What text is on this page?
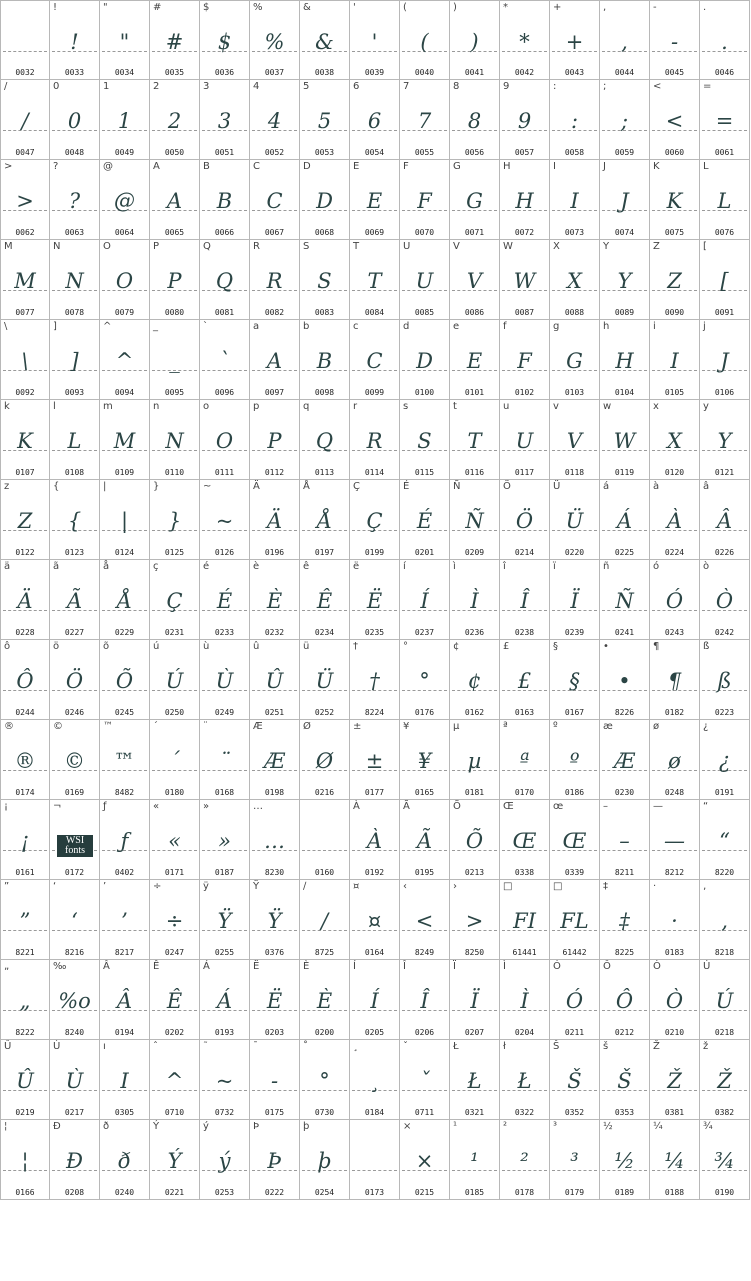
0032
!
!
0033
"
"
0034
#
#
0035
$
$
0036
%
%
0037
&
&
0038
'
'
0039
(
(
0040
)
)
0041
*
*
0042
+
+
0043
,
,
0044
-
-
0045
.
.
0046
/
/
0047
0
0
0048
1
1
0049
2
2
0050
3
3
0051
4
4
0052
5
5
0053
6
6
0054
7
7
0055
8
8
0056
9
9
0057
:
:
0058
;
;
0059
<
<
0060
=
=
0061
>
>
0062
?
?
0063
@
@
0064
A
A
0065
B
B
0066
C
C
0067
D
D
0068
E
E
0069
F
F
0070
G
G
0071
H
H
0072
I
I
0073
J
J
0074
K
K
0075
L
L
0076
M
M
0077
N
N
0078
O
O
0079
P
P
0080
Q
Q
0081
R
R
0082
S
S
0083
T
T
0084
U
U
0085
V
V
0086
W
W
0087
X
X
0088
Y
Y
0089
Z
Z
0090
[
[
0091
\
\
0092
]
]
0093
^
^
0094
_
_
0095
`
`
0096
a
A
0097
b
B
0098
c
C
0099
d
D
0100
e
E
0101
f
F
0102
g
G
0103
h
H
0104
i
I
0105
j
J
0106
k
K
0107
l
L
0108
m
M
0109
n
N
0110
o
O
0111
p
P
0112
q
Q
0113
r
R
0114
s
S
0115
t
T
0116
u
U
0117
v
V
0118
w
W
0119
x
X
0120
y
Y
0121
z
Z
0122
{
{
0123
|
|
0124
}
}
0125
~
~
0126
Ä
Ä
0196
Å
Å
0197
Ç
Ç
0199
É
É
0201
Ñ
Ñ
0209
Ö
Ö
0214
Ü
Ü
0220
á
Á
0225
à
À
0224
â
Â
0226
ä
Ä
0228
ã
Ã
0227
å
Å
0229
ç
Ç
0231
é
É
0233
è
È
0232
ê
Ê
0234
ë
Ë
0235
í
Í
0237
ì
Ì
0236
î
Î
0238
ï
Ï
0239
ñ
Ñ
0241
ó
Ó
0243
ò
Ò
0242
ô
Ô
0244
ö
Ö
0246
õ
Õ
0245
ú
Ú
0250
ù
Ù
0249
û
Û
0251
ü
Ü
0252
†
†
8224
°
°
0176
¢
¢
0162
£
£
0163
§
§
0167
•
•
8226
¶
¶
0182
ß
ß
0223
®
®
0174
©
©
0169
™
™
8482
´
´
0180
¨
¨
0168
Æ
Æ
0198
Ø
Ø
0216
±
±
0177
¥
¥
0165
µ
µ
0181
ª
ª
0170
º
º
0186
æ
Æ
0230
ø
ø
0248
¿
¿
0191
¡
¡
0161
¬
WSI fonts
0172
ƒ
ƒ
0402
«
«
0171
»
»
0187
…
…
8230	0160
À
À
0192
Ã
Ã
0195
Õ
Õ
0213
Œ
Œ
0338
œ
Œ
0339
–
–
8211
—
—
8212
“
“
8220
”
”
8221
‘
‘
8216
’
’
8217
÷
÷
0247
ÿ
Ÿ
0255
Ÿ
Ÿ
0376
∕
/
8725
¤
¤
0164
‹
<
8249
›
>
8250
□
FI
61441
□
FL
61442
‡
‡
8225
·
·
0183
‚
‚
8218
„
„
8222
‰
%o
8240
Â
Â
0194
Ê
Ê
0202
Á
Á
0193
Ë
Ë
0203
È
È
0200
Í
Í
0205
Î
Î
0206
Ï
Ï
0207
Ì
Ì
0204
Ó
Ó
0211
Ô
Ô
0212
Ò
Ò
0210
Ú
Ú
0218
Û
Û
0219
Ù
Ù
0217
ı
I
0305
ˆ
^
0710
˜
~
0732
¯
-
0175
˚
°
0730
¸
¸
0184
ˇ
ˇ
0711
Ł
Ł
0321
ł
Ł
0322
Š
Š
0352
š
Š
0353
Ž
Ž
0381
ž
Ž
0382
¦
¦
0166
Ð
Ð
0208
ð
ð
0240
Ý
Ý
0221
ý
ý
0253
Þ
Þ
0222
þ
þ
0254	0173
×
×
0215
¹
¹
0185
²
²
0178
³
³
0179
½
½
0189
¼
¼
0188
¾
¾
0190
